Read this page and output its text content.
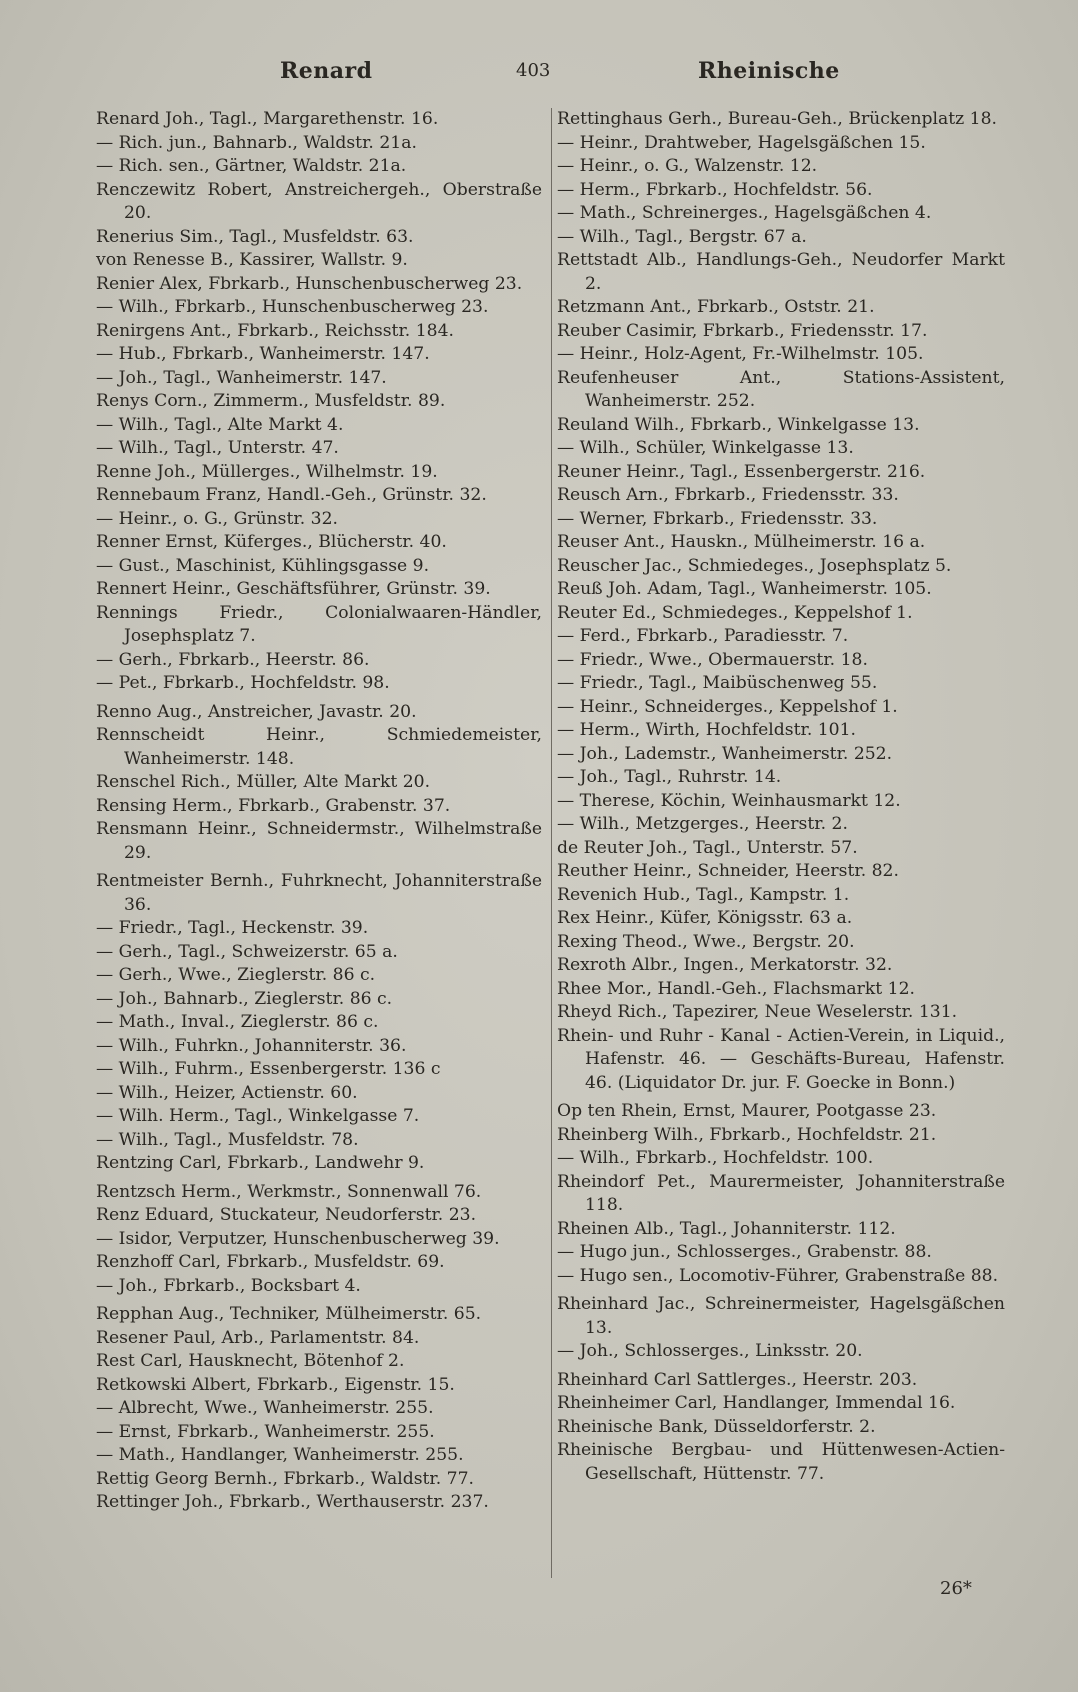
Renard	403	Rheinische

Renard Joh., Tagl., Margarethenstr. 16.

— Rich. jun., Bahnarb., Waldstr. 21a.

— Rich. sen., Gärtner, Waldstr. 21a.

Renczewitz Robert, Anstreichergeh., Oberstraße 20.

Renerius Sim., Tagl., Musfeldstr. 63.

von Renesse B., Kassirer, Wallstr. 9.

Renier Alex, Fbrkarb., Hunschenbuscherweg 23.

— Wilh., Fbrkarb., Hunschenbuscherweg 23.

Renirgens Ant., Fbrkarb., Reichsstr. 184.

— Hub., Fbrkarb., Wanheimerstr. 147.

— Joh., Tagl., Wanheimerstr. 147.

Renys Corn., Zimmerm., Musfeldstr. 89.

— Wilh., Tagl., Alte Markt 4.

— Wilh., Tagl., Unterstr. 47.

Renne Joh., Müllerges., Wilhelmstr. 19.

Rennebaum Franz, Handl.-Geh., Grünstr. 32.

— Heinr., o. G., Grünstr. 32.

Renner Ernst, Küferges., Blücherstr. 40.

— Gust., Maschinist, Kühlingsgasse 9.

Rennert Heinr., Geschäftsführer, Grünstr. 39.

Rennings Friedr., Colonialwaaren-Händler, Josephsplatz 7.

— Gerh., Fbrkarb., Heerstr. 86.

— Pet., Fbrkarb., Hochfeldstr. 98.

Renno Aug., Anstreicher, Javastr. 20.

Rennscheidt Heinr., Schmiedemeister, Wanheimerstr. 148.

Renschel Rich., Müller, Alte Markt 20.

Rensing Herm., Fbrkarb., Grabenstr. 37.

Rensmann Heinr., Schneidermstr., Wilhelmstraße 29.

Rentmeister Bernh., Fuhrknecht, Johanniterstraße 36.

— Friedr., Tagl., Heckenstr. 39.

— Gerh., Tagl., Schweizerstr. 65 a.

— Gerh., Wwe., Zieglerstr. 86 c.

— Joh., Bahnarb., Zieglerstr. 86 c.

— Math., Inval., Zieglerstr. 86 c.

— Wilh., Fuhrkn., Johanniterstr. 36.

— Wilh., Fuhrm., Essenbergerstr. 136 c

— Wilh., Heizer, Actienstr. 60.

— Wilh. Herm., Tagl., Winkelgasse 7.

— Wilh., Tagl., Musfeldstr. 78.

Rentzing Carl, Fbrkarb., Landwehr 9.

Rentzsch Herm., Werkmstr., Sonnenwall 76.

Renz Eduard, Stuckateur, Neudorferstr. 23.

— Isidor, Verputzer, Hunschenbuscherweg 39.

Renzhoff Carl, Fbrkarb., Musfeldstr. 69.

— Joh., Fbrkarb., Bocksbart 4.

Repphan Aug., Techniker, Mülheimerstr. 65.

Resener Paul, Arb., Parlamentstr. 84.

Rest Carl, Hausknecht, Bötenhof 2.

Retkowski Albert, Fbrkarb., Eigenstr. 15.

— Albrecht, Wwe., Wanheimerstr. 255.

— Ernst, Fbrkarb., Wanheimerstr. 255.

— Math., Handlanger, Wanheimerstr. 255.

Rettig Georg Bernh., Fbrkarb., Waldstr. 77.

Rettinger Joh., Fbrkarb., Werthauserstr. 237.

Rettinghaus Gerh., Bureau-Geh., Brückenplatz 18.

— Heinr., Drahtweber, Hagelsgäßchen 15.

— Heinr., o. G., Walzenstr. 12.

— Herm., Fbrkarb., Hochfeldstr. 56.

— Math., Schreinerges., Hagelsgäßchen 4.

— Wilh., Tagl., Bergstr. 67 a.

Rettstadt Alb., Handlungs-Geh., Neudorfer Markt 2.

Retzmann Ant., Fbrkarb., Oststr. 21.

Reuber Casimir, Fbrkarb., Friedensstr. 17.

— Heinr., Holz-Agent, Fr.-Wilhelmstr. 105.

Reufenheuser Ant., Stations-Assistent, Wanheimerstr. 252.

Reuland Wilh., Fbrkarb., Winkelgasse 13.

— Wilh., Schüler, Winkelgasse 13.

Reuner Heinr., Tagl., Essenbergerstr. 216.

Reusch Arn., Fbrkarb., Friedensstr. 33.

— Werner, Fbrkarb., Friedensstr. 33.

Reuser Ant., Hauskn., Mülheimerstr. 16 a.

Reuscher Jac., Schmiedeges., Josephsplatz 5.

Reuß Joh. Adam, Tagl., Wanheimerstr. 105.

Reuter Ed., Schmiedeges., Keppelshof 1.

— Ferd., Fbrkarb., Paradiesstr. 7.

— Friedr., Wwe., Obermauerstr. 18.

— Friedr., Tagl., Maibüschenweg 55.

— Heinr., Schneiderges., Keppelshof 1.

— Herm., Wirth, Hochfeldstr. 101.

— Joh., Lademstr., Wanheimerstr. 252.

— Joh., Tagl., Ruhrstr. 14.

— Therese, Köchin, Weinhausmarkt 12.

— Wilh., Metzgerges., Heerstr. 2.

de Reuter Joh., Tagl., Unterstr. 57.

Reuther Heinr., Schneider, Heerstr. 82.

Revenich Hub., Tagl., Kampstr. 1.

Rex Heinr., Küfer, Königsstr. 63 a.

Rexing Theod., Wwe., Bergstr. 20.

Rexroth Albr., Ingen., Merkatorstr. 32.

Rhee Mor., Handl.-Geh., Flachsmarkt 12.

Rheyd Rich., Tapezirer, Neue Weselerstr. 131.

Rhein- und Ruhr - Kanal - Actien-Verein, in Liquid., Hafenstr. 46. — Geschäfts-Bureau, Hafenstr. 46. (Liquidator Dr. jur. F. Goecke in Bonn.)

Op ten Rhein, Ernst, Maurer, Pootgasse 23.

Rheinberg Wilh., Fbrkarb., Hochfeldstr. 21.

— Wilh., Fbrkarb., Hochfeldstr. 100.

Rheindorf Pet., Maurermeister, Johanniterstraße 118.

Rheinen Alb., Tagl., Johanniterstr. 112.

— Hugo jun., Schlosserges., Grabenstr. 88.

— Hugo sen., Locomotiv-Führer, Grabenstraße 88.

Rheinhard Jac., Schreinermeister, Hagelsgäßchen 13.

— Joh., Schlosserges., Linksstr. 20.

Rheinhard Carl Sattlerges., Heerstr. 203.

Rheinheimer Carl, Handlanger, Immendal 16.

Rheinische Bank, Düsseldorferstr. 2.

Rheinische Bergbau- und Hüttenwesen-Actien-Gesellschaft, Hüttenstr. 77.

26*
